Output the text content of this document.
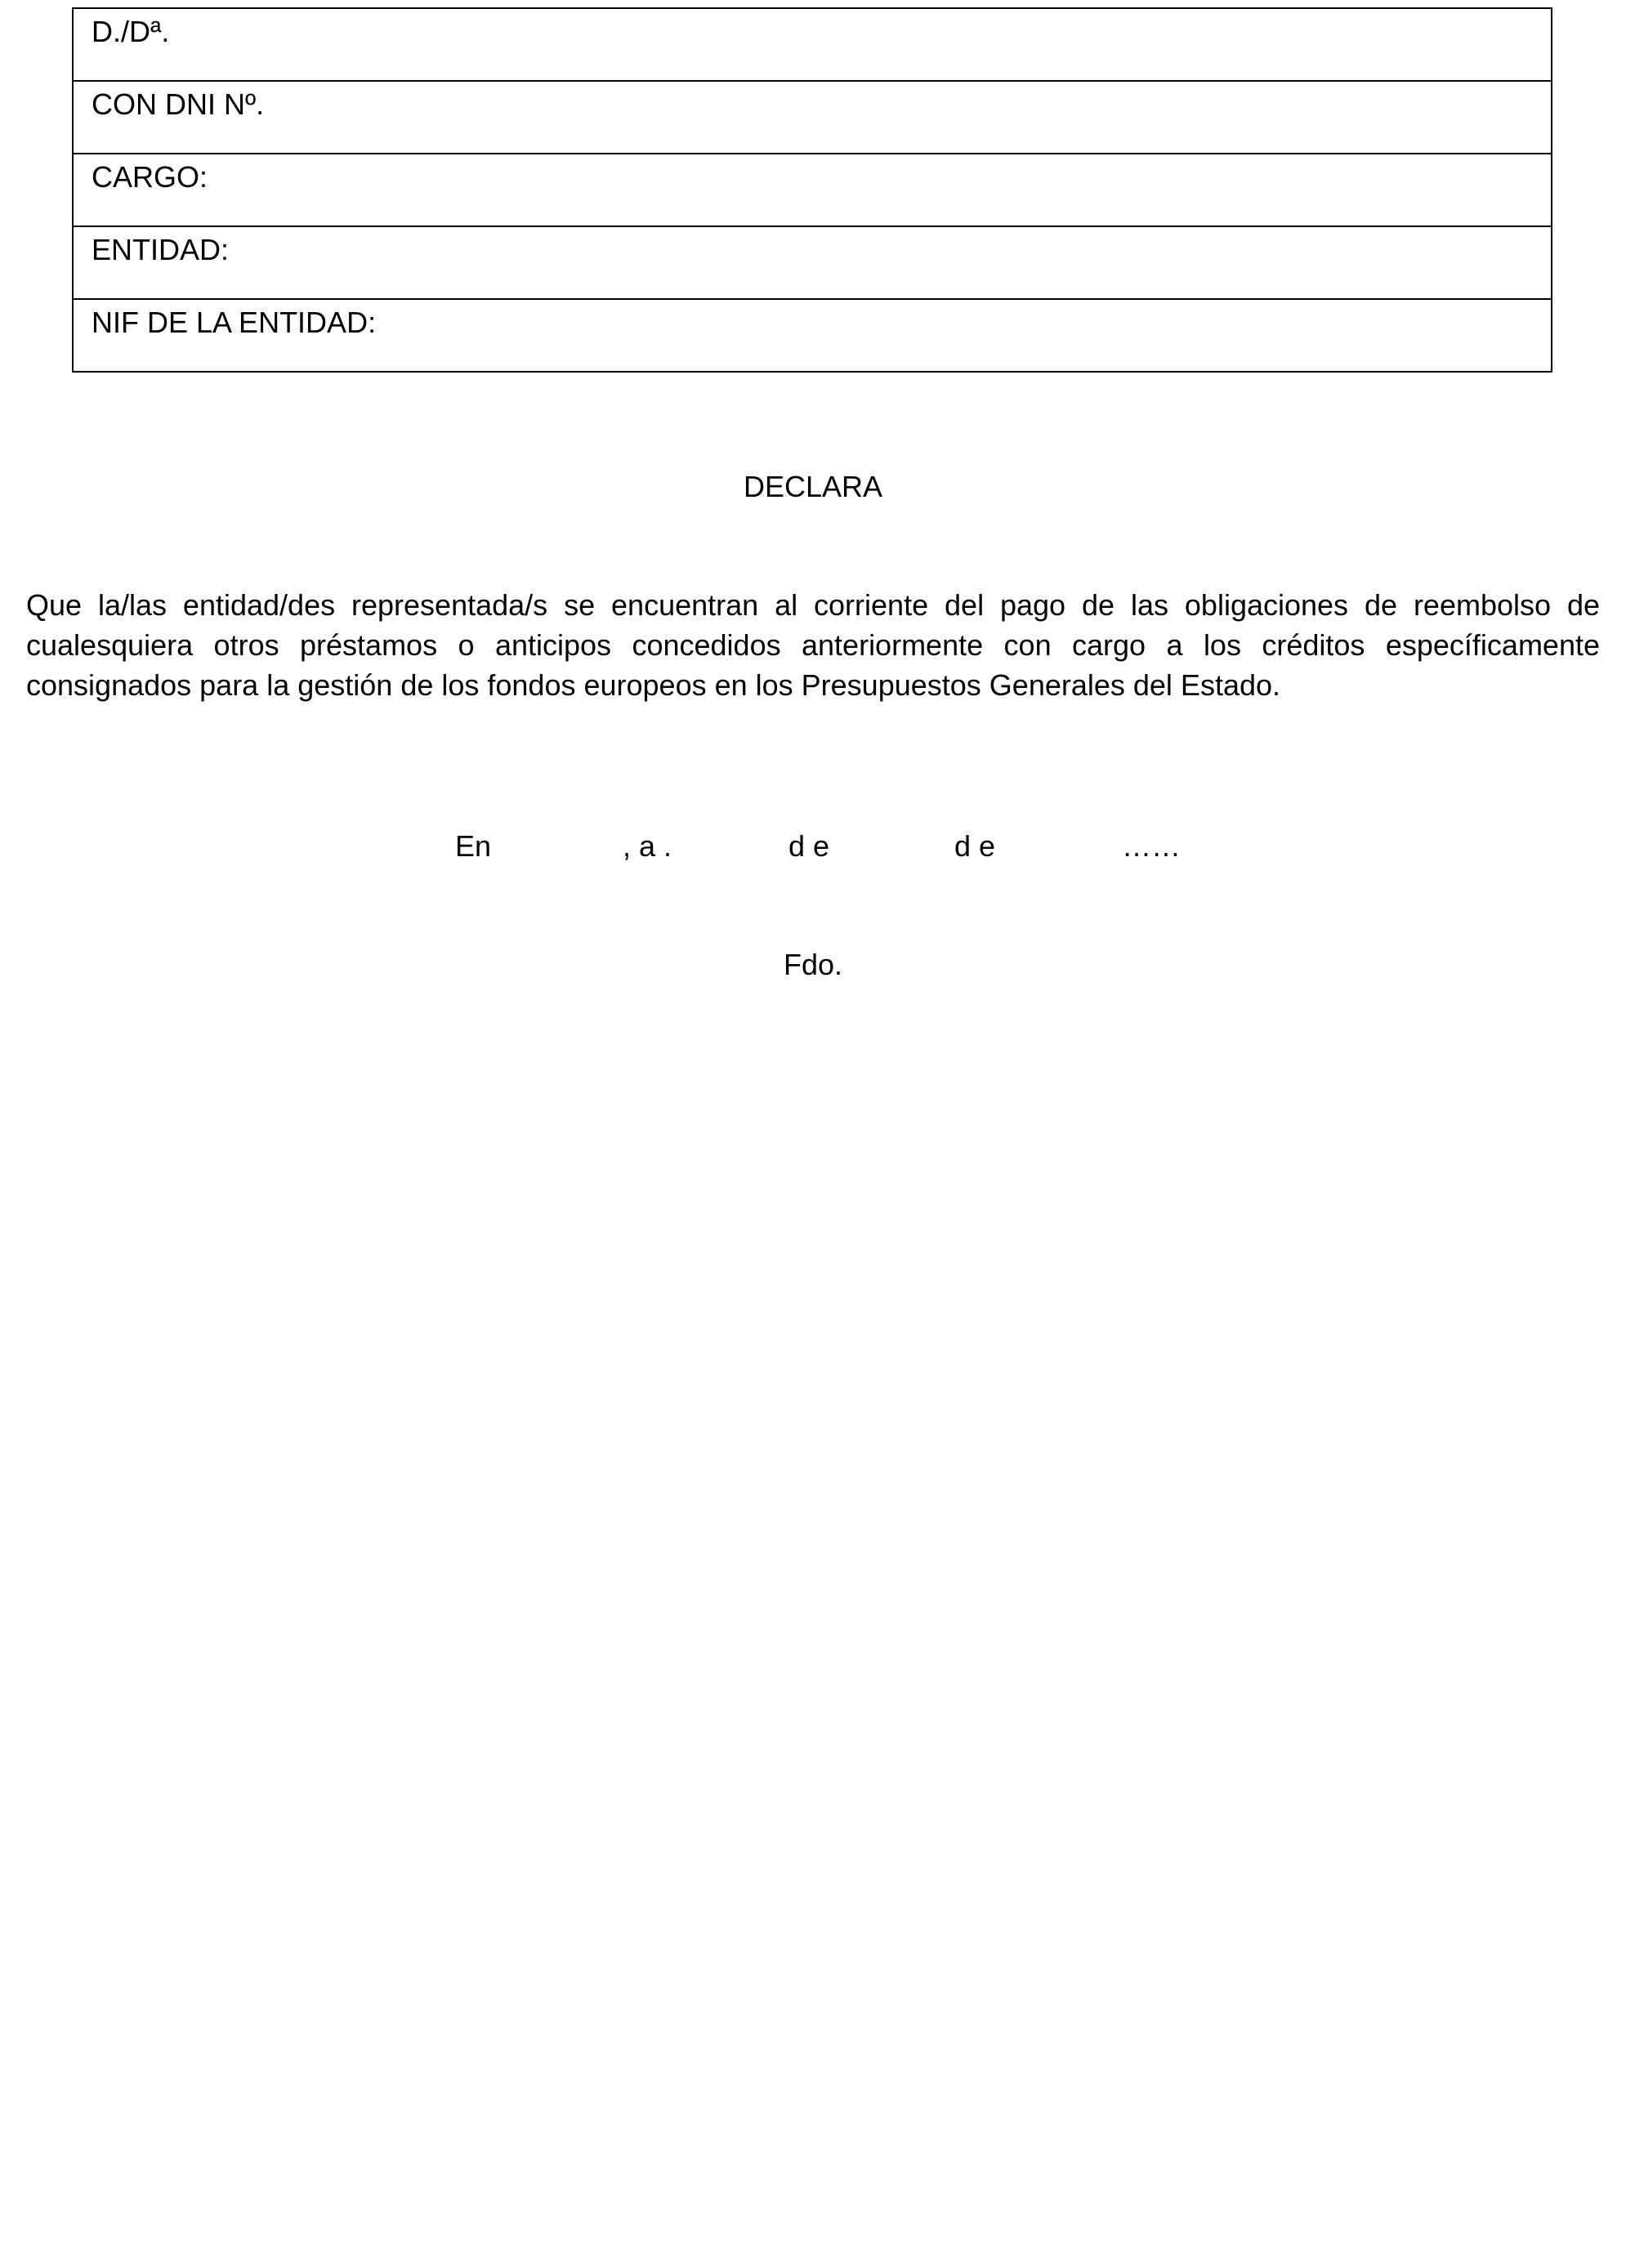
D./Dª.
CON DNI Nº.
CARGO:
ENTIDAD:
NIF DE LA ENTIDAD:
DECLARA

Que la/las entidad/des representada/s se encuentran al corriente del pago de las obligaciones de reembolso de cualesquiera otros préstamos o anticipos concedidos anteriormente con cargo a los créditos específicamente consignados para la gestión de los fondos europeos en los Presupuestos Generales del Estado.

En	, a .	d e	d e	……
Fdo.
